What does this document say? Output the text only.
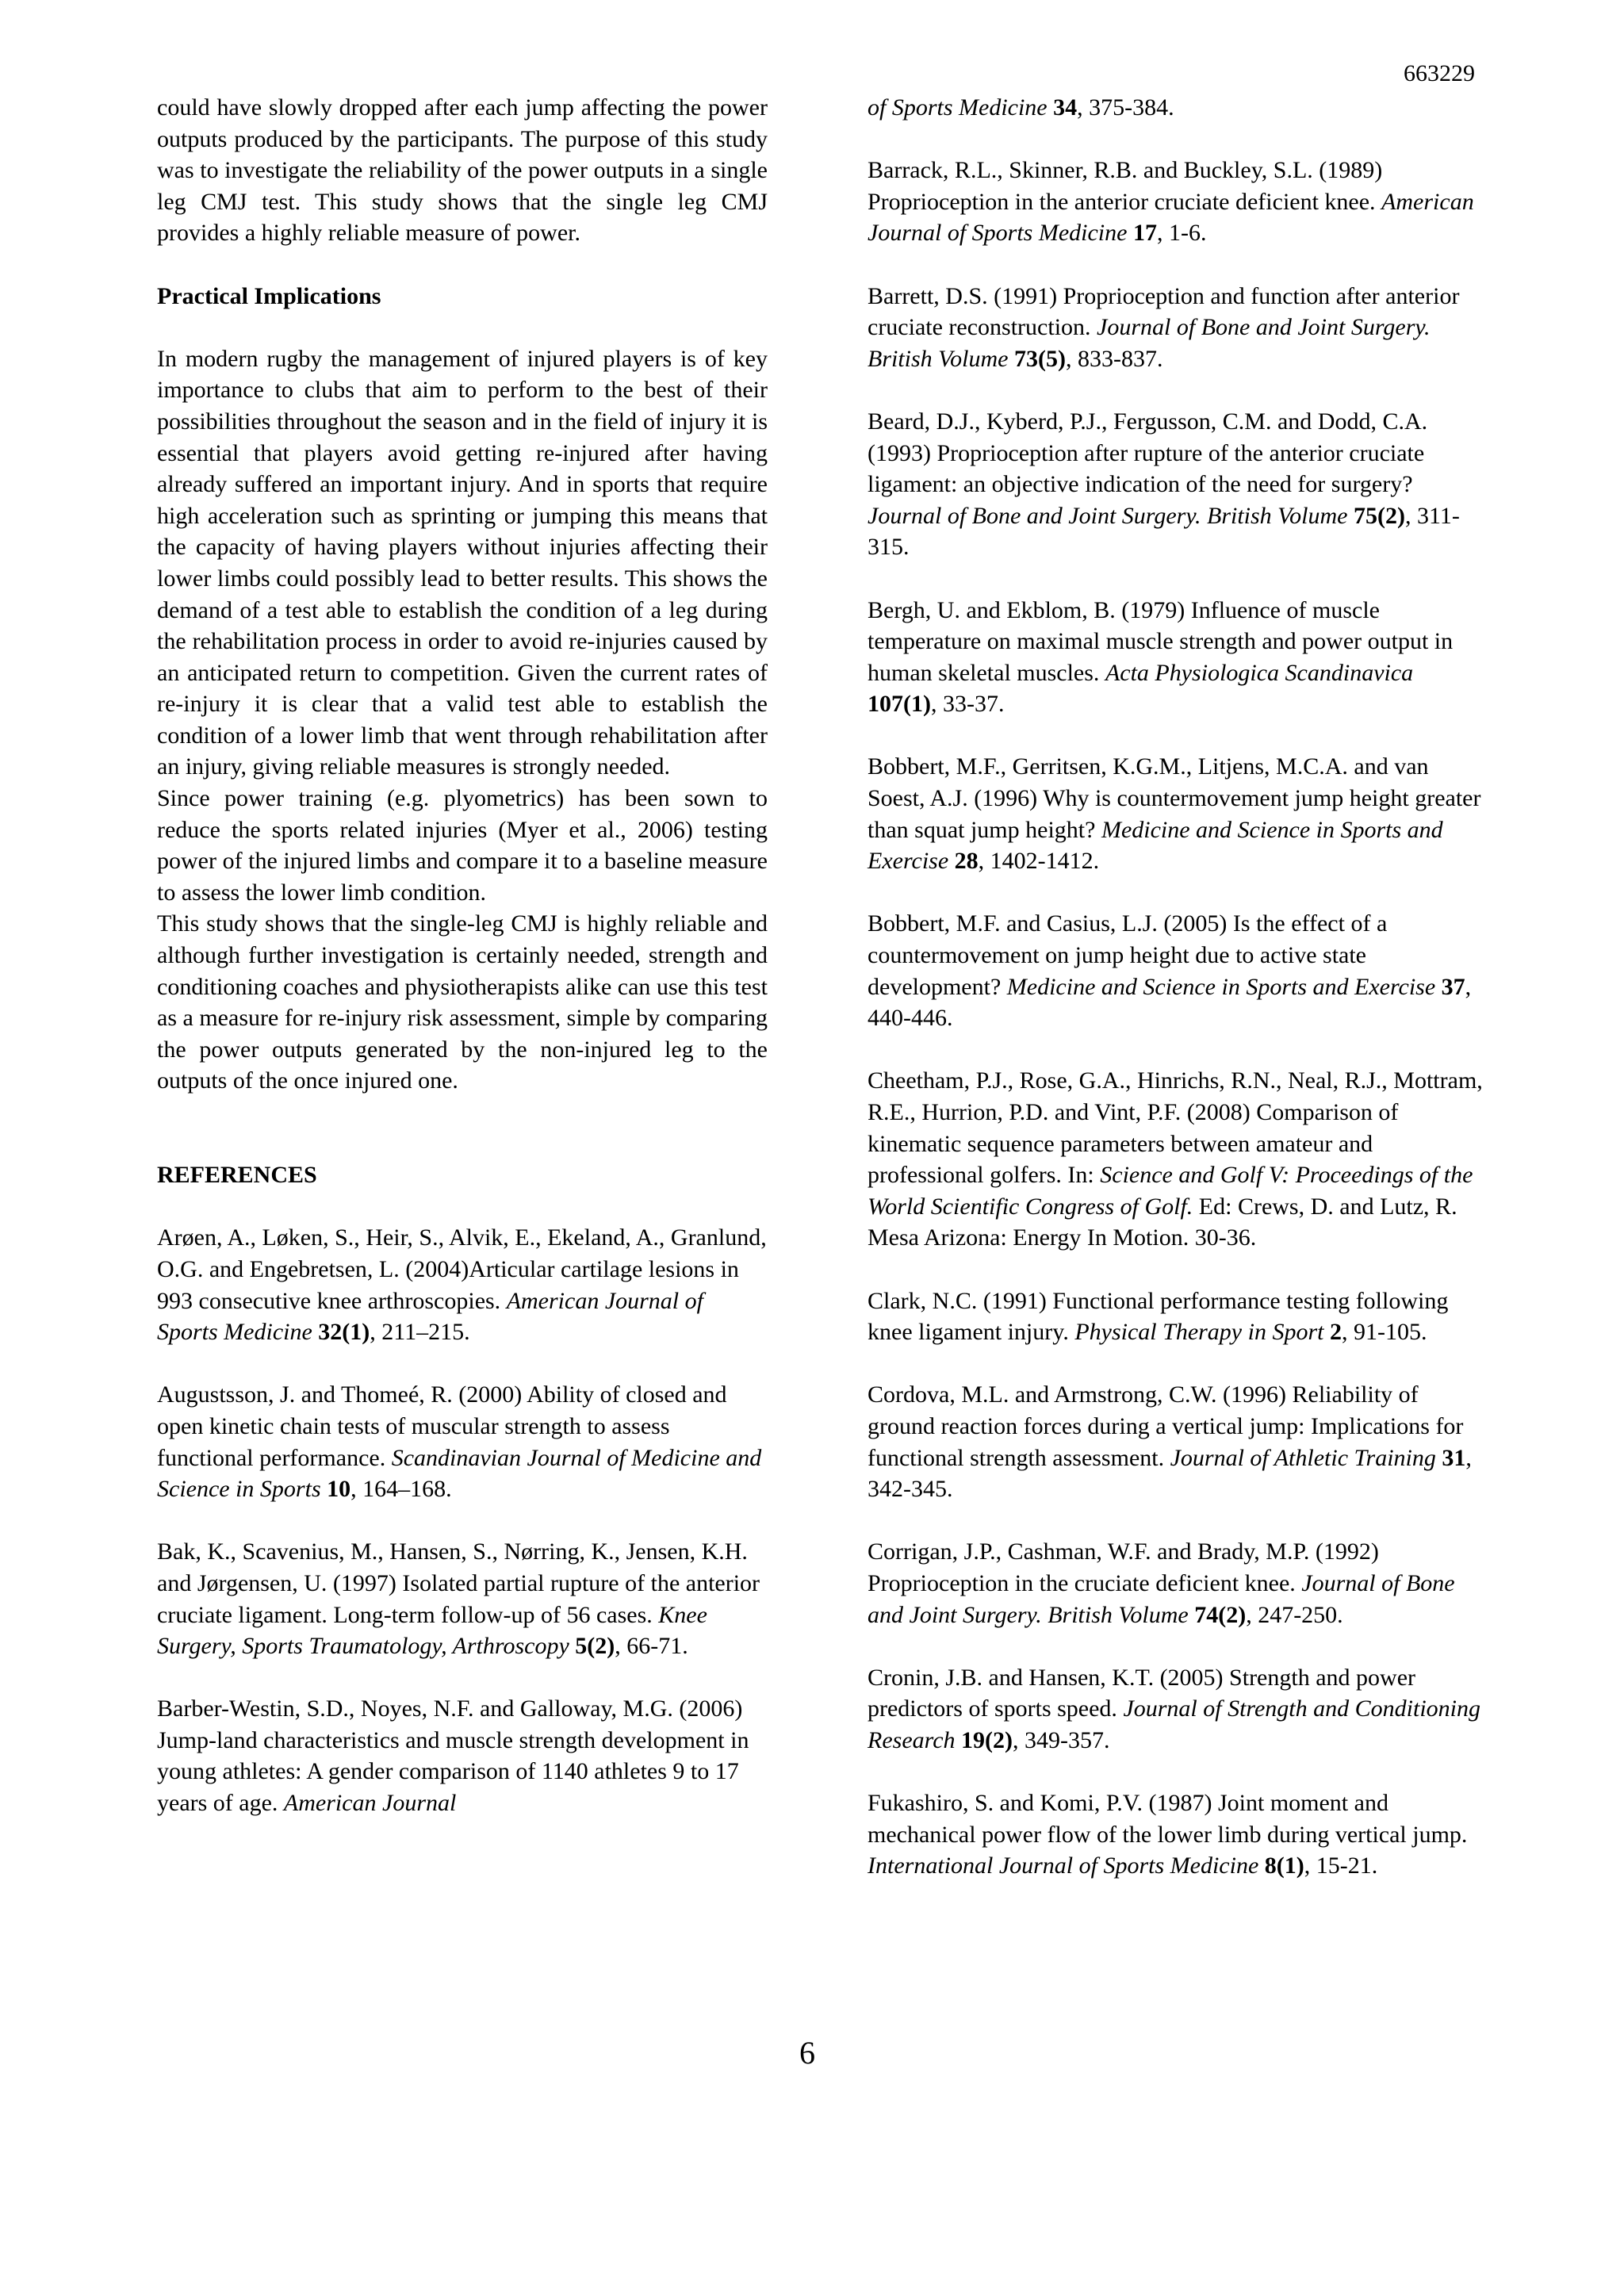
663229

could have slowly dropped after each jump affecting the power outputs produced by the participants. The purpose of this study was to investigate the reliability of the power outputs in a single leg CMJ test. This study shows that the single leg CMJ provides a highly reliable measure of power.

Practical Implications

In modern rugby the management of injured players is of key importance to clubs that aim to perform to the best of their possibilities throughout the season and in the field of injury it is essential that players avoid getting re-injured after having already suffered an important injury. And in sports that require high acceleration such as sprinting or jumping this means that the capacity of having players without injuries affecting their lower limbs could possibly lead to better results. This shows the demand of a test able to establish the condition of a leg during the rehabilitation process in order to avoid re-injuries caused by an anticipated return to competition. Given the current rates of re-injury it is clear that a valid test able to establish the condition of a lower limb that went through rehabilitation after an injury, giving reliable measures is strongly needed.

Since power training (e.g. plyometrics) has been sown to reduce the sports related injuries (Myer et al., 2006) testing power of the injured limbs and compare it to a baseline measure to assess the lower limb condition.

This study shows that the single-leg CMJ is highly reliable and although further investigation is certainly needed, strength and conditioning coaches and physiotherapists alike can use this test as a measure for re-injury risk assessment, simple by comparing the power outputs generated by the non-injured leg to the outputs of the once injured one.

REFERENCES

Arøen, A., Løken, S., Heir, S., Alvik, E., Ekeland, A., Granlund, O.G. and Engebretsen, L. (2004)Articular cartilage lesions in 993 consecutive knee arthroscopies. American Journal of Sports Medicine 32(1), 211–215.

Augustsson, J. and Thomeé, R. (2000) Ability of closed and open kinetic chain tests of muscular strength to assess functional performance. Scandinavian Journal of Medicine and Science in Sports 10, 164–168.

Bak, K., Scavenius, M., Hansen, S., Nørring, K., Jensen, K.H. and Jørgensen, U. (1997) Isolated partial rupture of the anterior cruciate ligament. Long-term follow-up of 56 cases. Knee Surgery, Sports Traumatology, Arthroscopy 5(2), 66-71.

Barber-Westin, S.D., Noyes, N.F. and Galloway, M.G. (2006) Jump-land characteristics and muscle strength development in young athletes: A gender comparison of 1140 athletes 9 to 17 years of age. American Journal

of Sports Medicine 34, 375-384.

Barrack, R.L., Skinner, R.B. and Buckley, S.L. (1989) Proprioception in the anterior cruciate deficient knee. American Journal of Sports Medicine 17, 1-6.

Barrett, D.S. (1991) Proprioception and function after anterior cruciate reconstruction. Journal of Bone and Joint Surgery. British Volume 73(5), 833-837.

Beard, D.J., Kyberd, P.J., Fergusson, C.M. and Dodd, C.A. (1993) Proprioception after rupture of the anterior cruciate ligament: an objective indication of the need for surgery? Journal of Bone and Joint Surgery. British Volume 75(2), 311-315.

Bergh, U. and Ekblom, B. (1979) Influence of muscle temperature on maximal muscle strength and power output in human skeletal muscles. Acta Physiologica Scandinavica 107(1), 33-37.

Bobbert, M.F., Gerritsen, K.G.M., Litjens, M.C.A. and van Soest, A.J. (1996) Why is countermovement jump height greater than squat jump height? Medicine and Science in Sports and Exercise 28, 1402-1412.

Bobbert, M.F. and Casius, L.J. (2005) Is the effect of a countermovement on jump height due to active state development? Medicine and Science in Sports and Exercise 37, 440-446.

Cheetham, P.J., Rose, G.A., Hinrichs, R.N., Neal, R.J., Mottram, R.E., Hurrion, P.D. and Vint, P.F. (2008) Comparison of kinematic sequence parameters between amateur and professional golfers. In: Science and Golf V: Proceedings of the World Scientific Congress of Golf. Ed: Crews, D. and Lutz, R. Mesa Arizona: Energy In Motion. 30-36.

Clark, N.C. (1991) Functional performance testing following knee ligament injury. Physical Therapy in Sport 2, 91-105.

Cordova, M.L. and Armstrong, C.W. (1996) Reliability of ground reaction forces during a vertical jump: Implications for functional strength assessment. Journal of Athletic Training 31, 342-345.

Corrigan, J.P., Cashman, W.F. and Brady, M.P. (1992) Proprioception in the cruciate deficient knee. Journal of Bone and Joint Surgery. British Volume 74(2), 247-250.

Cronin, J.B. and Hansen, K.T. (2005) Strength and power predictors of sports speed. Journal of Strength and Conditioning Research 19(2), 349-357.

Fukashiro, S. and Komi, P.V. (1987) Joint moment and mechanical power flow of the lower limb during vertical jump. International Journal of Sports Medicine 8(1), 15-21.

6
